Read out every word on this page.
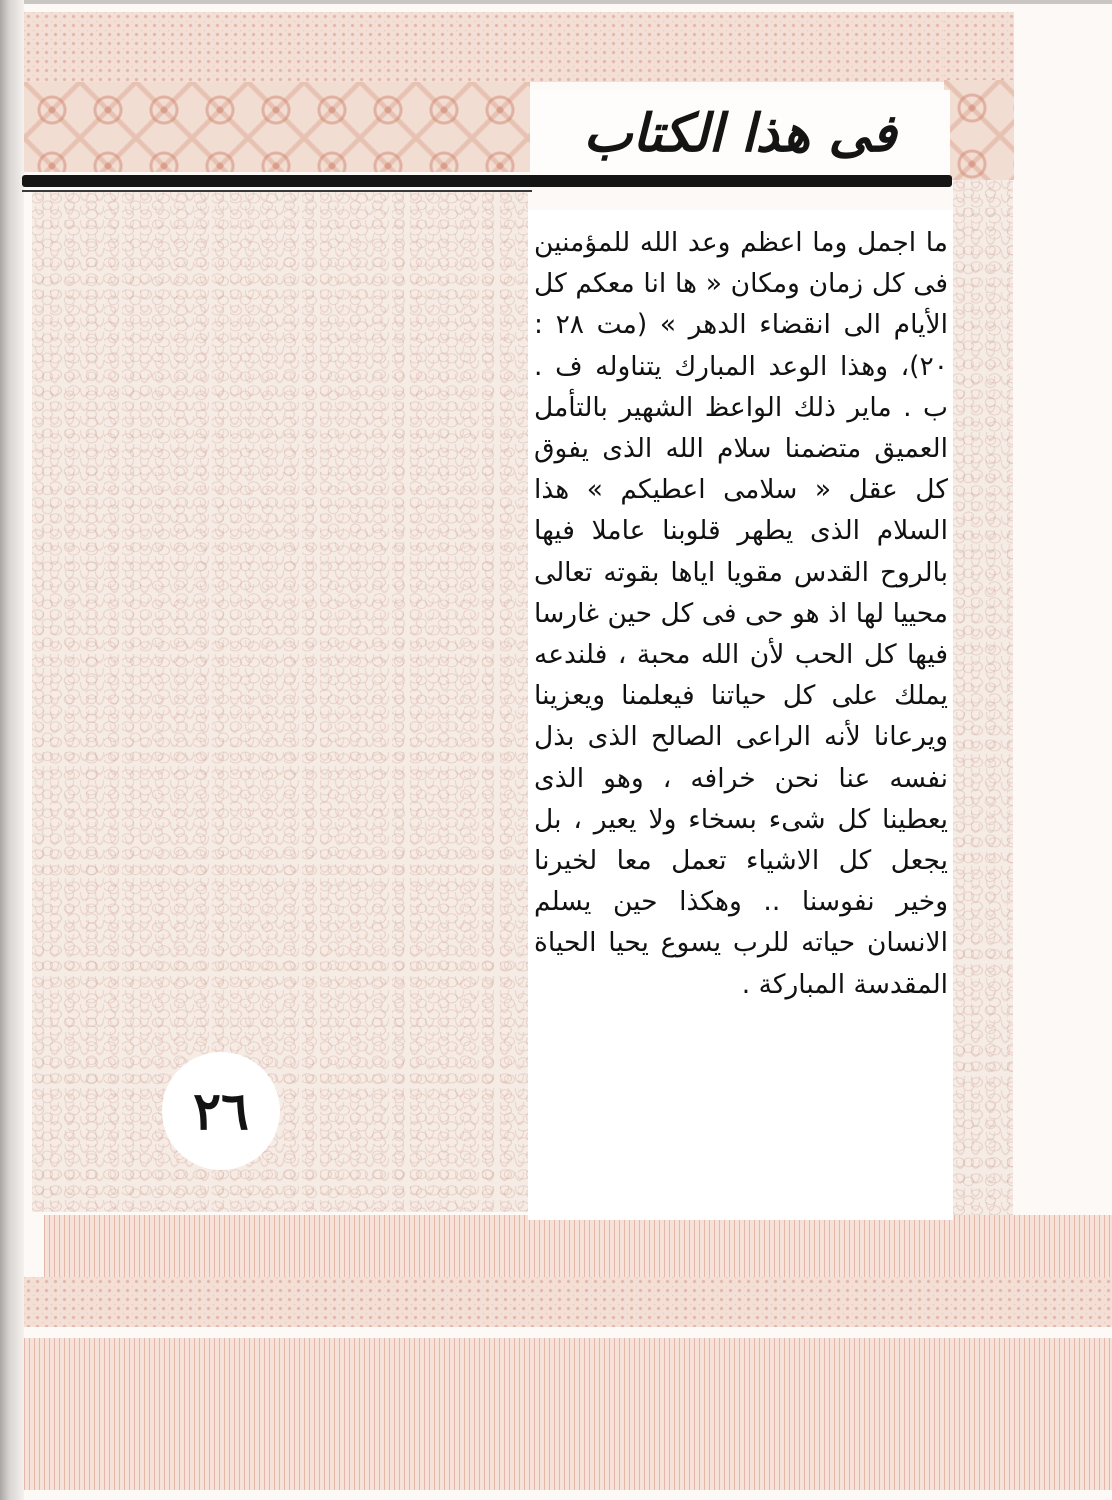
فى هذا الكتاب

ما اجمل وما اعظم وعد الله للمؤمنين فى كل زمان ومكان « ها انا معكم كل الأيام الى انقضاء الدهر » (مت ٢٨ : ٢٠)، وهذا الوعد المبارك يتناوله ف . ب . ماير ذلك الواعظ الشهير بالتأمل العميق متضمنا سلام الله الذى يفوق كل عقل « سلامى اعطيكم » هذا السلام الذى يطهر قلوبنا عاملا فيها بالروح القدس مقويا اياها بقوته تعالى محييا لها اذ هو حى فى كل حين غارسا فيها كل الحب لأن الله محبة ، فلندعه يملك على كل حياتنا فيعلمنا ويعزينا ويرعانا لأنه الراعى الصالح الذى بذل نفسه عنا نحن خرافه ، وهو الذى يعطينا كل شىء بسخاء ولا يعير ، بل يجعل كل الاشياء تعمل معا لخيرنا وخير نفوسنا .. وهكذا حين يسلم الانسان حياته للرب يسوع يحيا الحياة المقدسة المباركة .

٢٦
